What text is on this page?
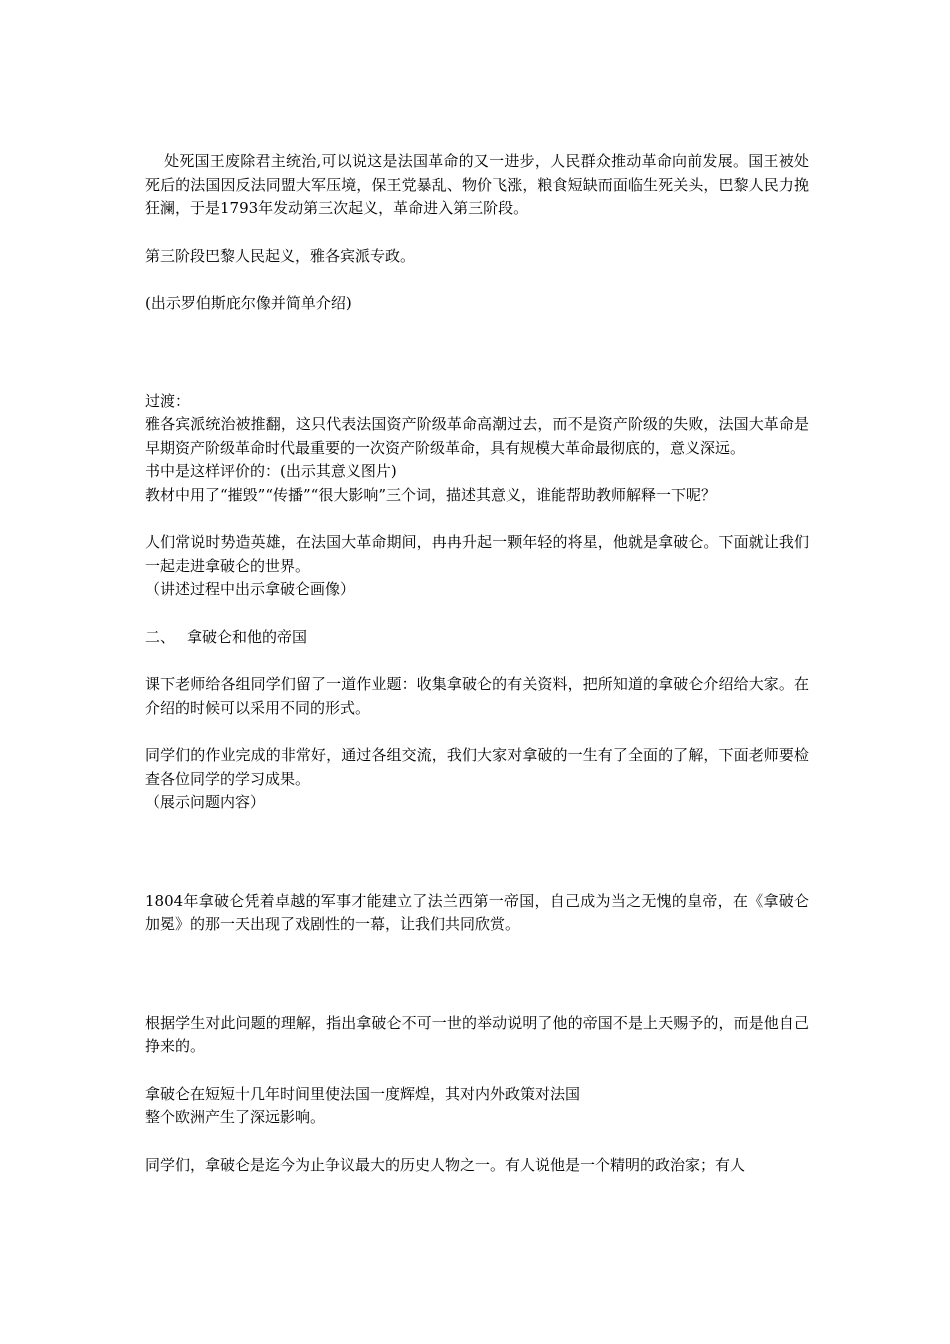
处死国王废除君主统治,可以说这是法国革命的又一进步，人民群众推动革命向前发展。国王被处死后的法国因反法同盟大军压境，保王党暴乱、物价飞涨，粮食短缺而面临生死关头，巴黎人民力挽狂澜，于是1793年发动第三次起义，革命进入第三阶段。

第三阶段巴黎人民起义，雅各宾派专政。

(出示罗伯斯庇尔像并简单介绍)

过渡：

雅各宾派统治被推翻，这只代表法国资产阶级革命高潮过去，而不是资产阶级的失败，法国大革命是早期资产阶级革命时代最重要的一次资产阶级革命，具有规模大革命最彻底的，意义深远。

书中是这样评价的：(出示其意义图片)

教材中用了“摧毁”“传播”“很大影响”三个词，描述其意义，谁能帮助教师解释一下呢？

人们常说时势造英雄，在法国大革命期间，冉冉升起一颗年轻的将星，他就是拿破仑。下面就让我们一起走进拿破仑的世界。

（讲述过程中出示拿破仑画像）

二、 拿破仑和他的帝国

课下老师给各组同学们留了一道作业题：收集拿破仑的有关资料，把所知道的拿破仑介绍给大家。在介绍的时候可以采用不同的形式。

同学们的作业完成的非常好，通过各组交流，我们大家对拿破的一生有了全面的了解，下面老师要检查各位同学的学习成果。

（展示问题内容）

1804年拿破仑凭着卓越的军事才能建立了法兰西第一帝国，自己成为当之无愧的皇帝，在《拿破仑加冕》的那一天出现了戏剧性的一幕，让我们共同欣赏。

根据学生对此问题的理解，指出拿破仑不可一世的举动说明了他的帝国不是上天赐予的，而是他自己挣来的。

拿破仑在短短十几年时间里使法国一度辉煌，其对内外政策对法国

整个欧洲产生了深远影响。

同学们，拿破仑是迄今为止争议最大的历史人物之一。有人说他是一个精明的政治家；有人
